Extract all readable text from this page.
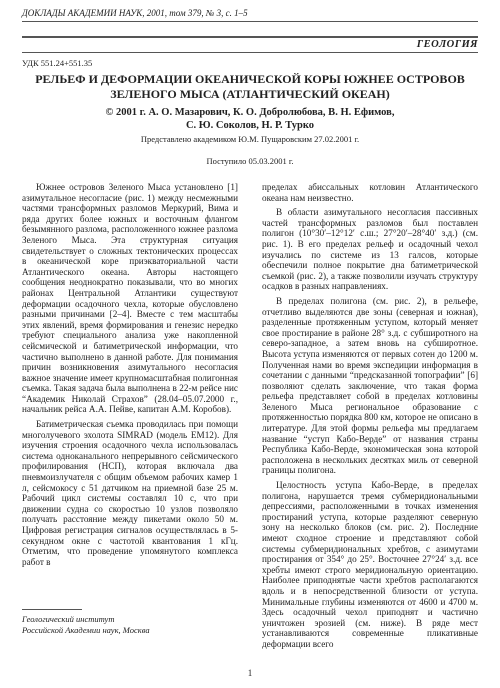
ДОКЛАДЫ АКАДЕМИИ НАУК, 2001, том 379, № 3, с. 1–5
ГЕОЛОГИЯ
УДК 551.24+551.35
РЕЛЬЕФ И ДЕФОРМАЦИИ ОКЕАНИЧЕСКОЙ КОРЫ ЮЖНЕЕ ОСТРОВОВ ЗЕЛЕНОГО МЫСА (АТЛАНТИЧЕСКИЙ ОКЕАН)
© 2001 г. А. О. Мазарович, К. О. Добролюбова, В. Н. Ефимов,
С. Ю. Соколов, Н. Р. Турко
Представлено академиком Ю.М. Пущаровским 27.02.2001 г.
Поступило 05.03.2001 г.

Южнее островов Зеленого Мыса установлено [1] азимутальное несогласие (рис. 1) между несмежными частями трансформных разломов Меркурий, Вима и ряда других более южных и восточным флангом безымянного разлома, расположенного южнее разлома Зеленого Мыса. Эта структурная ситуация свидетельствует о сложных тектонических процессах в океанической коре приэкваториальной части Атлантического океана. Авторы настоящего сообщения неоднократно показывали, что во многих районах Центральной Атлантики существуют деформации осадочного чехла, которые обусловлено разными причинами [2–4]. Вместе с тем масштабы этих явлений, время формирования и генезис нередко требуют специального анализа уже накопленной сейсмической и батиметрической информации, что частично выполнено в данной работе. Для понимания причин возникновения азимутального несогласия важное значение имеет крупномасштабная полигонная съемка. Такая задача была выполнена в 22-м рейсе нис “Академик Николай Страхов” (28.04–05.07.2000 г., начальник рейса А.А. Пейве, капитан А.М. Коробов).

Батиметрическая съемка проводилась при помощи многолучевого эхолота SIMRAD (модель EM12). Для изучения строения осадочного чехла использовалась система одноканального непрерывного сейсмического профилирования (НСП), которая включала два пневмоизлучателя с общим объемом рабочих камер 1 л, сейсмокосу с 51 датчиком на приемной базе 25 м. Рабочий цикл системы составлял 10 с, что при движении судна со скоростью 10 узлов позволяло получать расстояние между пикетами около 50 м. Цифровая регистрация сигналов осуществлялась в 5-секундном окне с частотой квантования 1 кГц. Отметим, что проведение упомянутого комплекса работ в

пределах абиссальных котловин Атлантического океана нам неизвестно.

В области азимутального несогласия пассивных частей трансформных разломов был поставлен полигон (10°30′–12°12′ с.ш.; 27°20′–28°40′ з.д.) (см. рис. 1). В его пределах рельеф и осадочный чехол изучались по системе из 13 галсов, которые обеспечили полное покрытие дна батиметрической съемкой (рис. 2), а также позволили изучать структуру осадков в разных направлениях.

В пределах полигона (см. рис. 2), в рельефе, отчетливо выделяются две зоны (северная и южная), разделенные протяженным уступом, который меняет свое простирание в районе 28° з.д. с субширотного на северо-западное, а затем вновь на субширотное. Высота уступа изменяются от первых сотен до 1200 м. Полученная нами во время экспедиции информация в сочетании с данными “предсказанной топографии” [6] позволяют сделать заключение, что такая форма рельефа представляет собой в пределах котловины Зеленого Мыса региональное образование с протяженностью порядка 800 км, которое не описано в литературе. Для этой формы рельефа мы предлагаем название “уступ Кабо-Верде” от названия страны Республика Кабо-Верде, экономическая зона которой расположена в нескольких десятках миль от северной границы полигона.

Целостность уступа Кабо-Верде, в пределах полигона, нарушается тремя субмеридиональными депрессиями, расположенными в точках изменения простираний уступа, которые разделяют северную зону на несколько блоков (см. рис. 2). Последние имеют сходное строение и представляют собой системы субмеридиональных хребтов, с азимутами простирания от 354° до 25°. Восточнее 27°24′ з.д. все хребты имеют строго меридиональную ориентацию. Наиболее приподнятые части хребтов располагаются вдоль и в непосредственной близости от уступа. Минимальные глубины изменяются от 4600 и 4700 м. Здесь осадочный чехол приподнят и частично уничтожен эрозией (см. ниже). В ряде мест устанавливаются современные пликативные деформации всего

Геологический институт
Российской Академии наук, Москва
1
